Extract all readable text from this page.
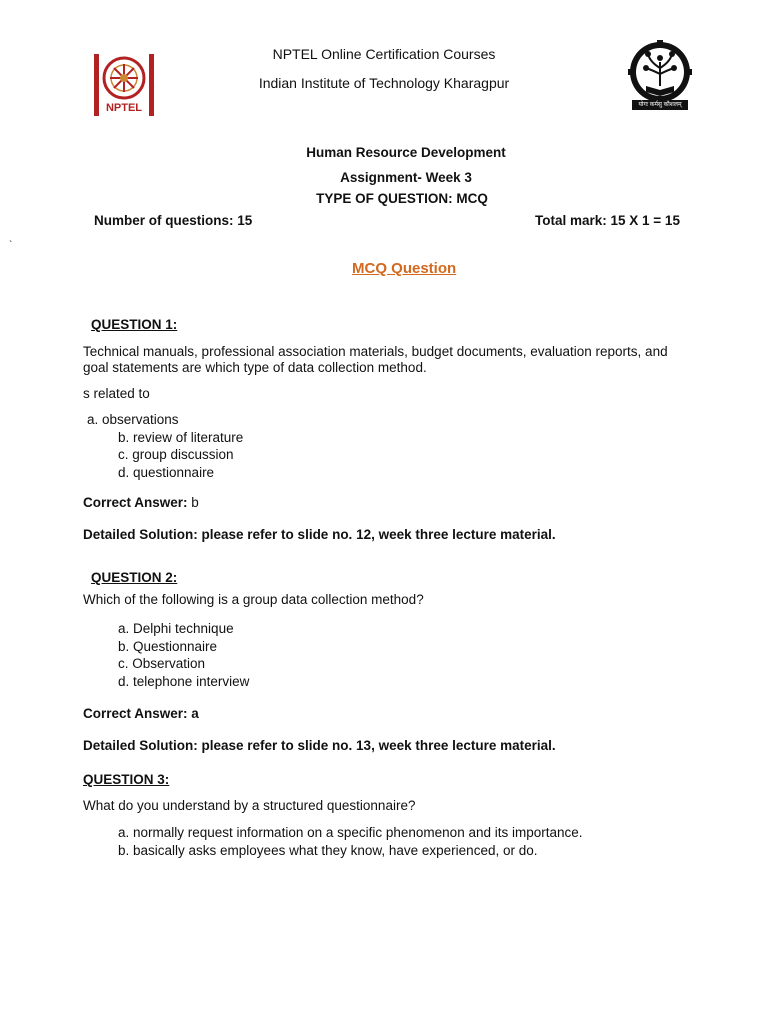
NPTEL	योगः कर्मसु कौशलम्
NPTEL Online Certification Courses
Indian Institute of Technology Kharagpur
Human Resource Development
Assignment- Week 3
TYPE OF QUESTION: MCQ
Number of questions: 15	Total mark: 15 X 1 = 15
`
MCQ Question
QUESTION 1:
Technical manuals, professional association materials, budget documents, evaluation reports, and goal statements are which type of data collection method.
s related to
a. observations
b. review of literature
c. group discussion
d. questionnaire
Correct Answer: b
Detailed Solution: please refer to slide no. 12, week three lecture material.
QUESTION 2:
Which of the following is a group data collection method?
a. Delphi technique
b. Questionnaire
c. Observation
d. telephone interview
Correct Answer: a
Detailed Solution: please refer to slide no. 13, week three lecture material.
QUESTION 3:
What do you understand by a structured questionnaire?
a. normally request information on a specific phenomenon and its importance.
b. basically asks employees what they know, have experienced, or do.
